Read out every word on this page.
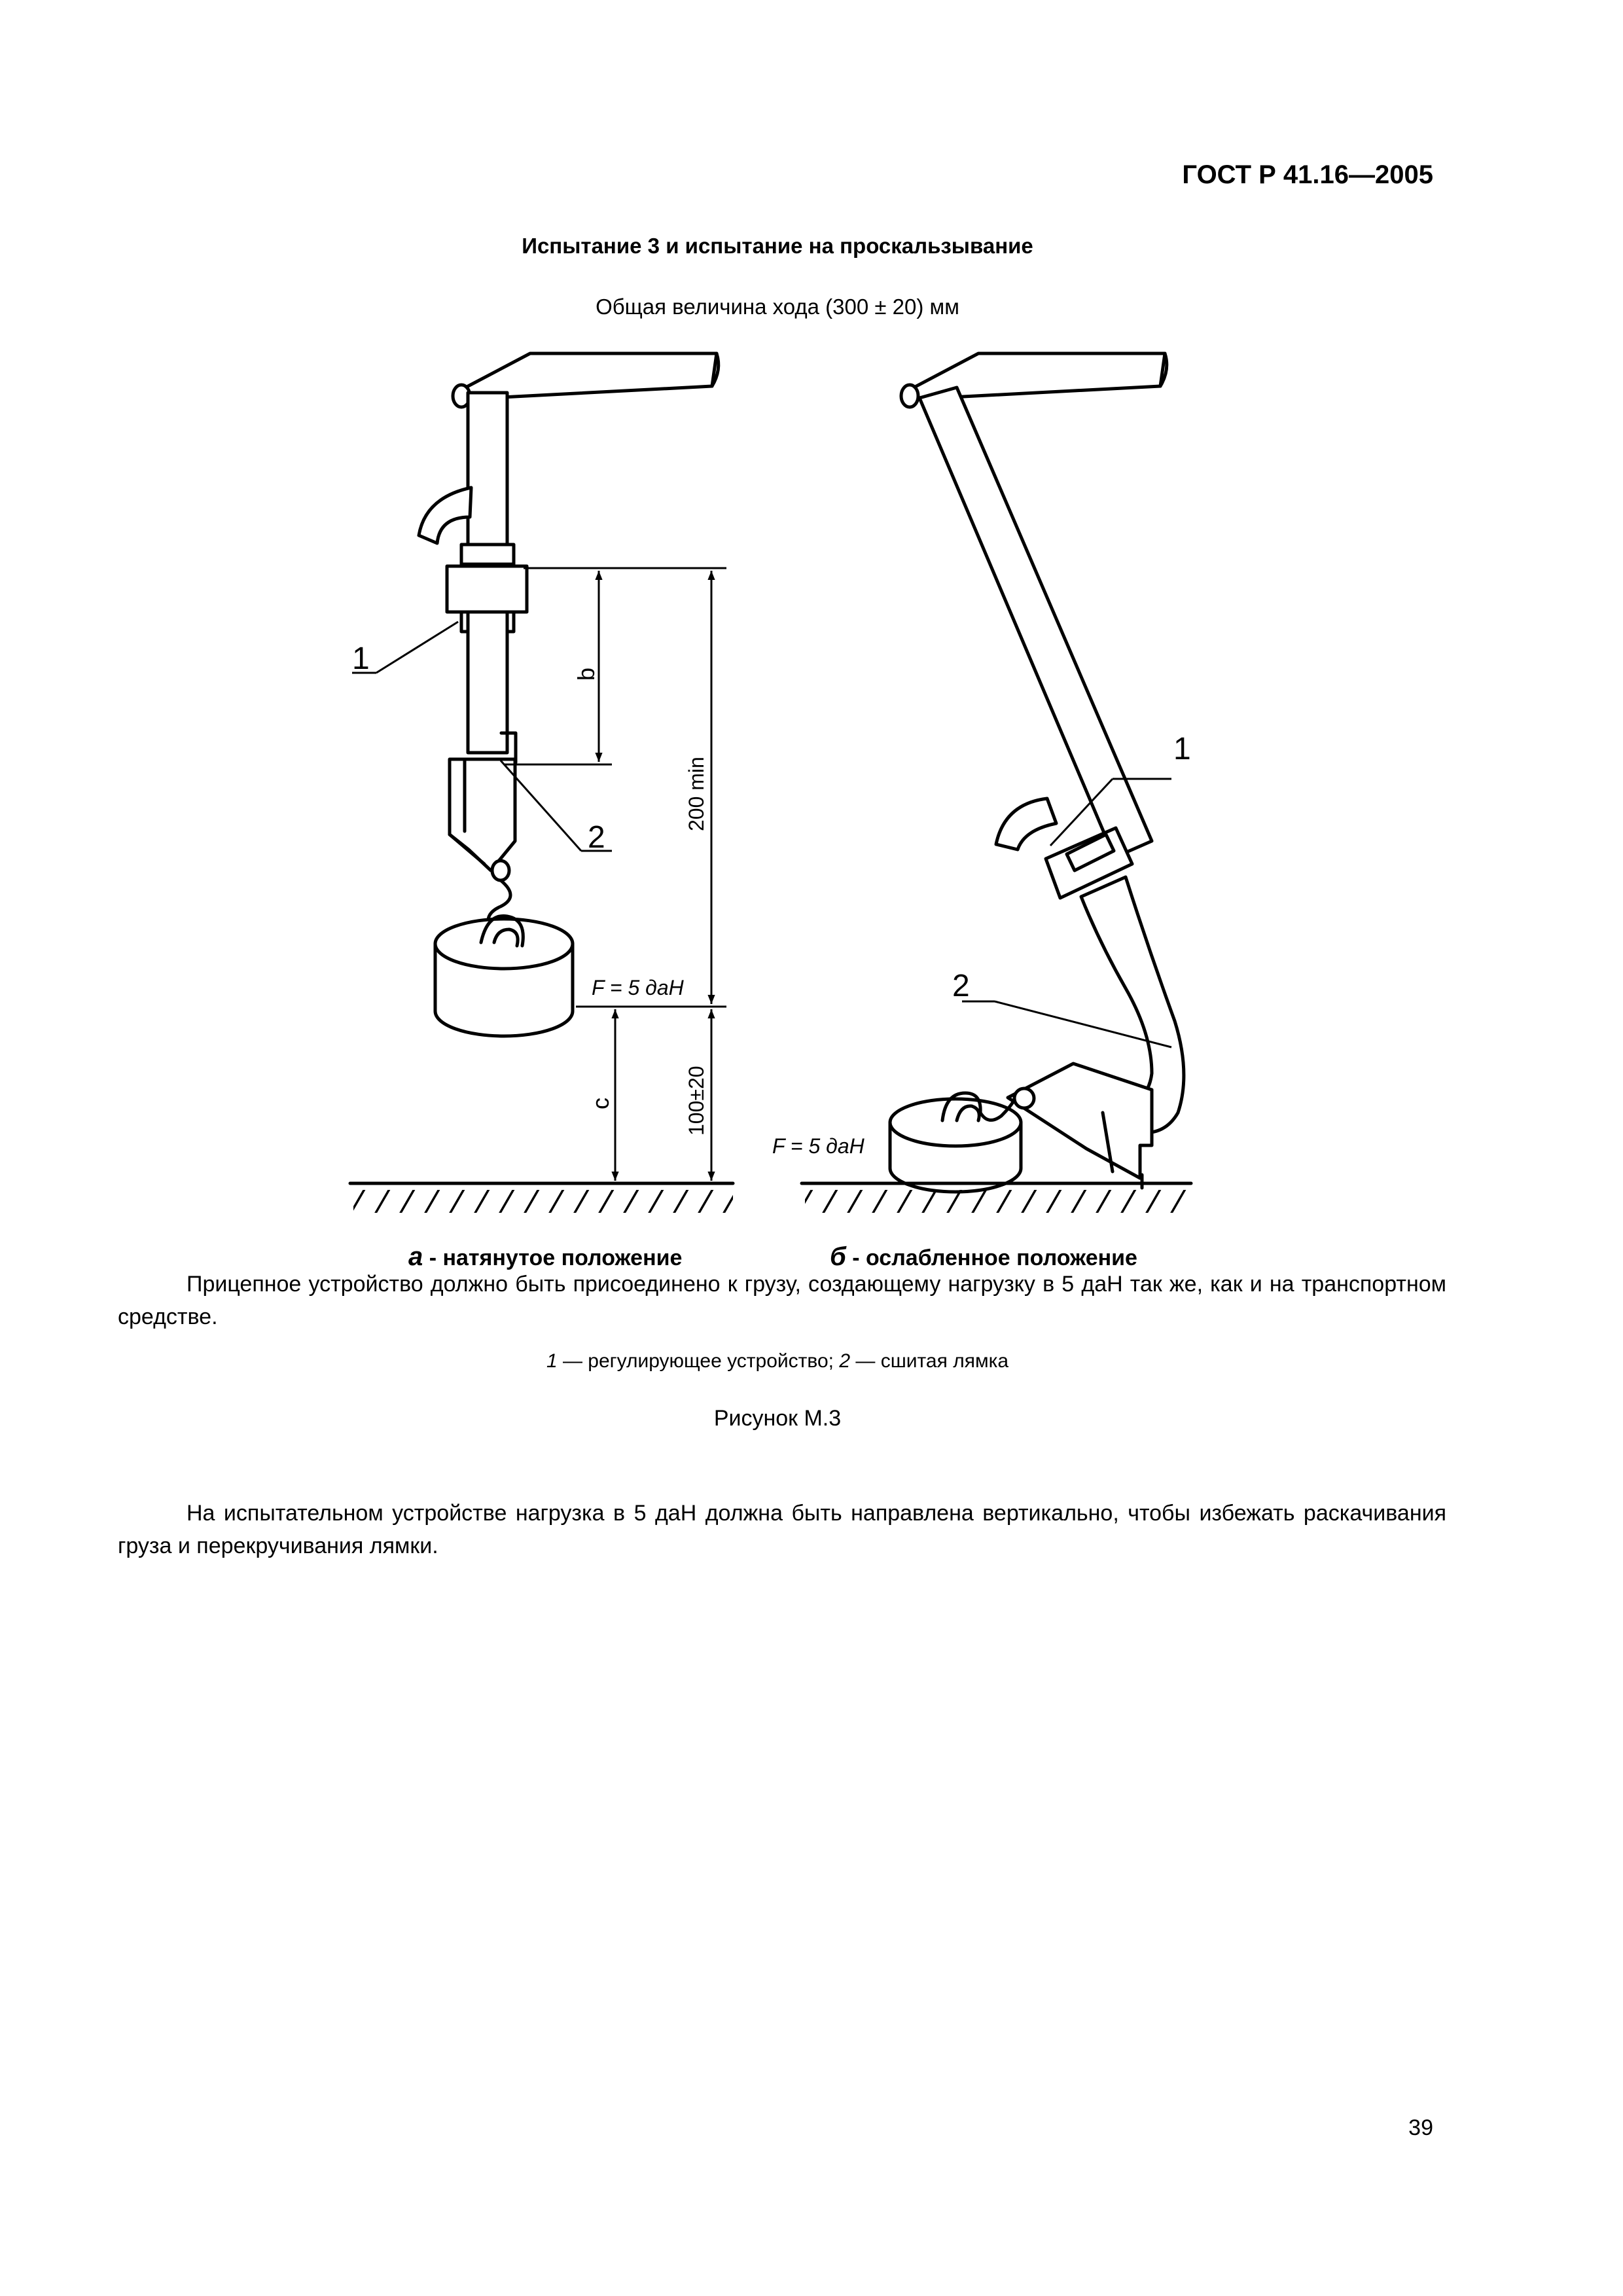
ГОСТ Р 41.16—2005
Испытание 3 и испытание на проскальзывание
Общая величина хода (300 ± 20) мм
1
2
b
200 min
c	100±20
F = 5 даН
1
2
F = 5 даН
а - натянутое положение	б - ослабленное положение
Прицепное устройство должно быть присоединено к грузу, создающему нагрузку в 5 даН так же, как и на транспортном средстве.
1 — регулирующее устройство; 2 — сшитая лямка
Рисунок М.3
На испытательном устройстве нагрузка в 5 даН должна быть направлена вертикально, чтобы избежать раскачивания груза и перекручивания лямки.
39
